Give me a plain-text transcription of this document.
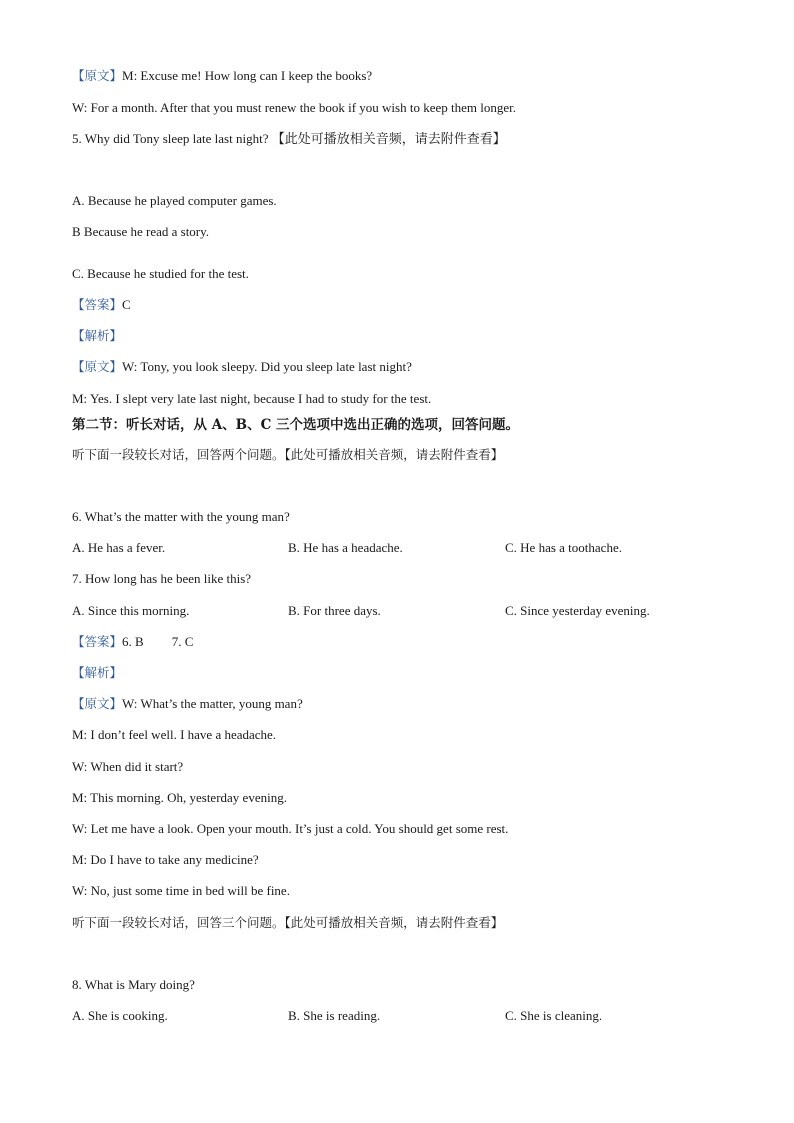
【原文】M: Excuse me! How long can I keep the books?
W: For a month. After that you must renew the book if you wish to keep them longer.
5. Why did Tony sleep late last night? 【此处可播放相关音频，请去附件查看】
A. Because he played computer games.
B Because he read a story.
C. Because he studied for the test.
【答案】C
【解析】
【原文】W: Tony, you look sleepy. Did you sleep late last night?
M: Yes. I slept very late last night, because I had to study for the test.
第二节：听长对话，从 A、B、C 三个选项中选出正确的选项，回答问题。
听下面一段较长对话，回答两个问题。【此处可播放相关音频，请去附件查看】
6. What’s the matter with the young man?
A. He has a fever.	B. He has a headache.	C. He has a toothache.
7. How long has he been like this?
A. Since this morning.	B. For three days.	C. Since yesterday evening.
【答案】6. B 7. C
【解析】
【原文】W: What’s the matter, young man?
M: I don’t feel well. I have a headache.
W: When did it start?
M: This morning. Oh, yesterday evening.
W: Let me have a look. Open your mouth. It’s just a cold. You should get some rest.
M: Do I have to take any medicine?
W: No, just some time in bed will be fine.
听下面一段较长对话，回答三个问题。【此处可播放相关音频，请去附件查看】
8. What is Mary doing?
A. She is cooking.	B. She is reading.	C. She is cleaning.
